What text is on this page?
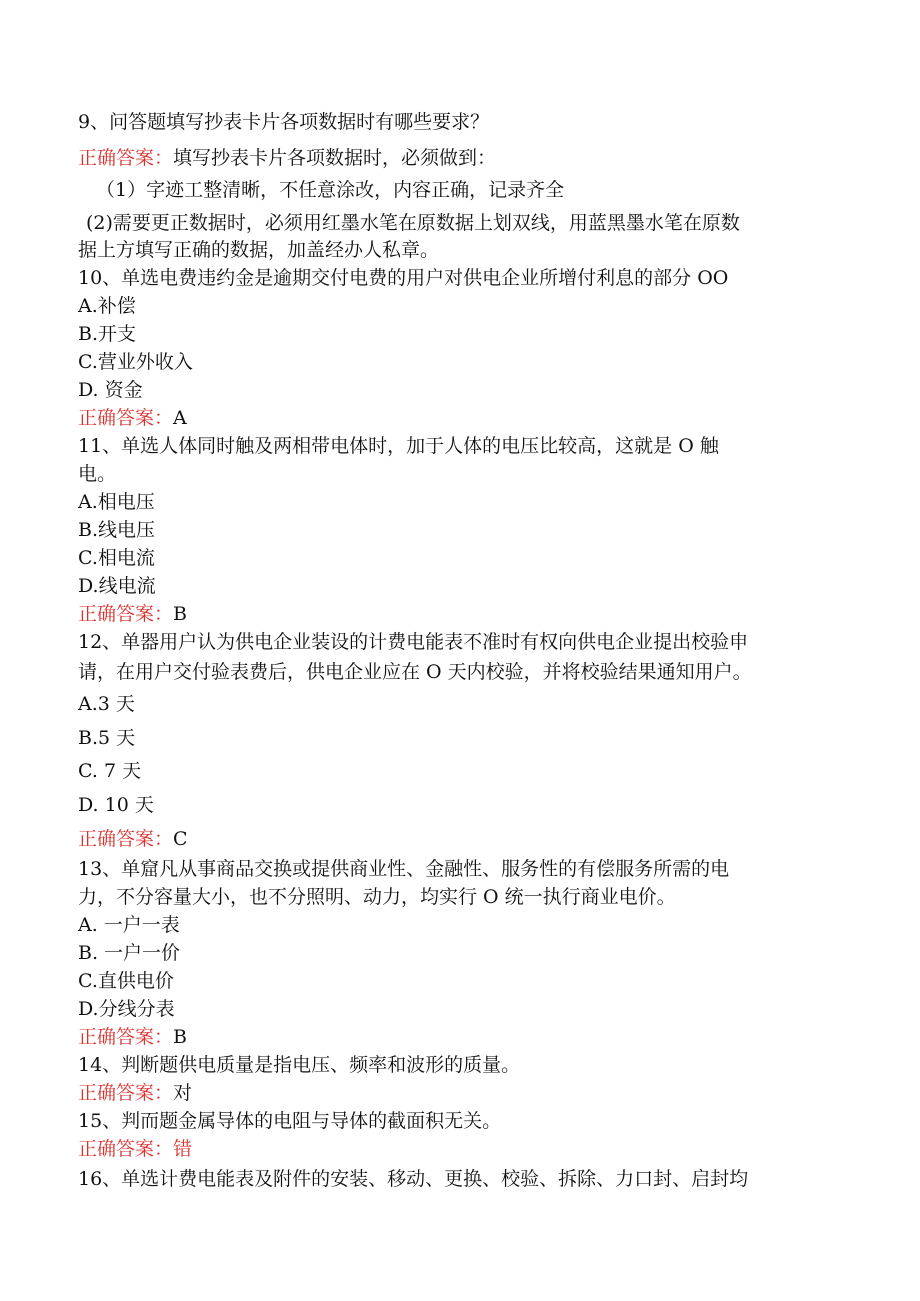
9、问答题填写抄表卡片各项数据时有哪些要求？
正确答案：填写抄表卡片各项数据时，必须做到：
（1）字迹工整清晰，不任意涂改，内容正确，记录齐全
(2)需要更正数据时，必须用红墨水笔在原数据上划双线，用蓝黑墨水笔在原数
据上方填写正确的数据，加盖经办人私章。
10、单选电费违约金是逾期交付电费的用户对供电企业所增付利息的部分 OO
A.补偿
B.开支
C.营业外收入
D. 资金
正确答案：A
11、单选人体同时触及两相带电体时，加于人体的电压比较高，这就是 O 触
电。
A.相电压
B.线电压
C.相电流
D.线电流
正确答案：B
12、单器用户认为供电企业装设的计费电能表不准时有权向供电企业提出校验申
请，在用户交付验表费后，供电企业应在 O 天内校验，并将校验结果通知用户。
A.3 天
B.5 天
C. 7 天
D. 10 天
正确答案：C
13、单窟凡从事商品交换或提供商业性、金融性、服务性的有偿服务所需的电
力，不分容量大小，也不分照明、动力，均实行 O 统一执行商业电价。
A. 一户一表
B. 一户一价
C.直供电价
D.分线分表
正确答案：B
14、判断题供电质量是指电压、频率和波形的质量。
正确答案：对
15、判而题金属导体的电阻与导体的截面积无关。
正确答案：错
16、单选计费电能表及附件的安装、移动、更换、校验、拆除、力口封、启封均
